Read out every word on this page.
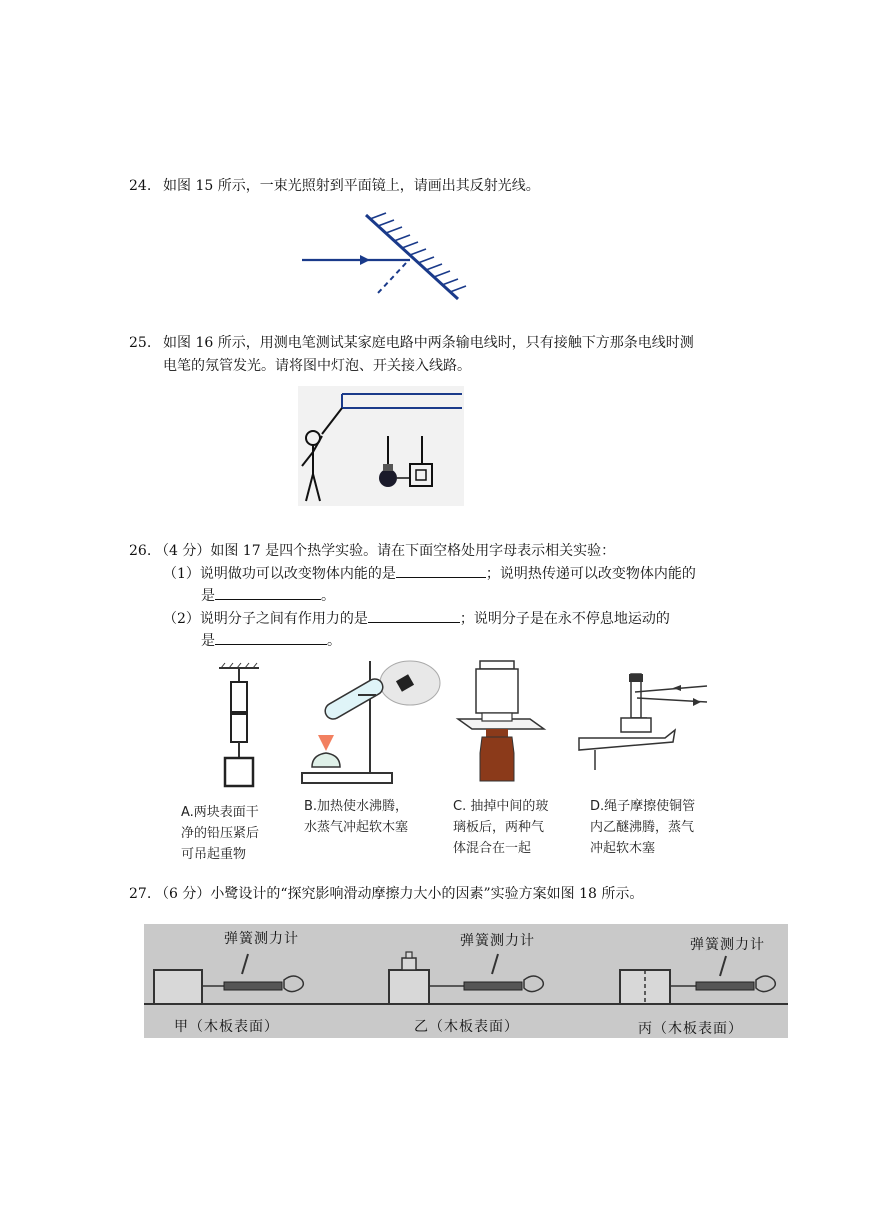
24. 如图 15 所示，一束光照射到平面镜上，请画出其反射光线。
25. 如图 16 所示，用测电笔测试某家庭电路中两条输电线时，只有接触下方那条电线时测
电笔的氖管发光。请将图中灯泡、开关接入线路。
26. （4 分）如图 17 是四个热学实验。请在下面空格处用字母表示相关实验：
（1）说明做功可以改变物体内能的是	；说明热传递可以改变物体内能的
是	。
（2）说明分子之间有作用力的是	；说明分子是在永不停息地运动的
是	。
A.两块表面干
净的铅压紧后
可吊起重物
B.加热使水沸腾，
水蒸气冲起软木塞
C. 抽掉中间的玻
璃板后，两种气
体混合在一起
D.绳子摩擦使铜管
内乙醚沸腾，蒸气
冲起软木塞
27. （6 分）小鹭设计的“探究影响滑动摩擦力大小的因素”实验方案如图 18 所示。
弹簧测力计
甲（木板表面）
弹簧测力计
乙（木板表面）
弹簧测力计
丙（木板表面）
